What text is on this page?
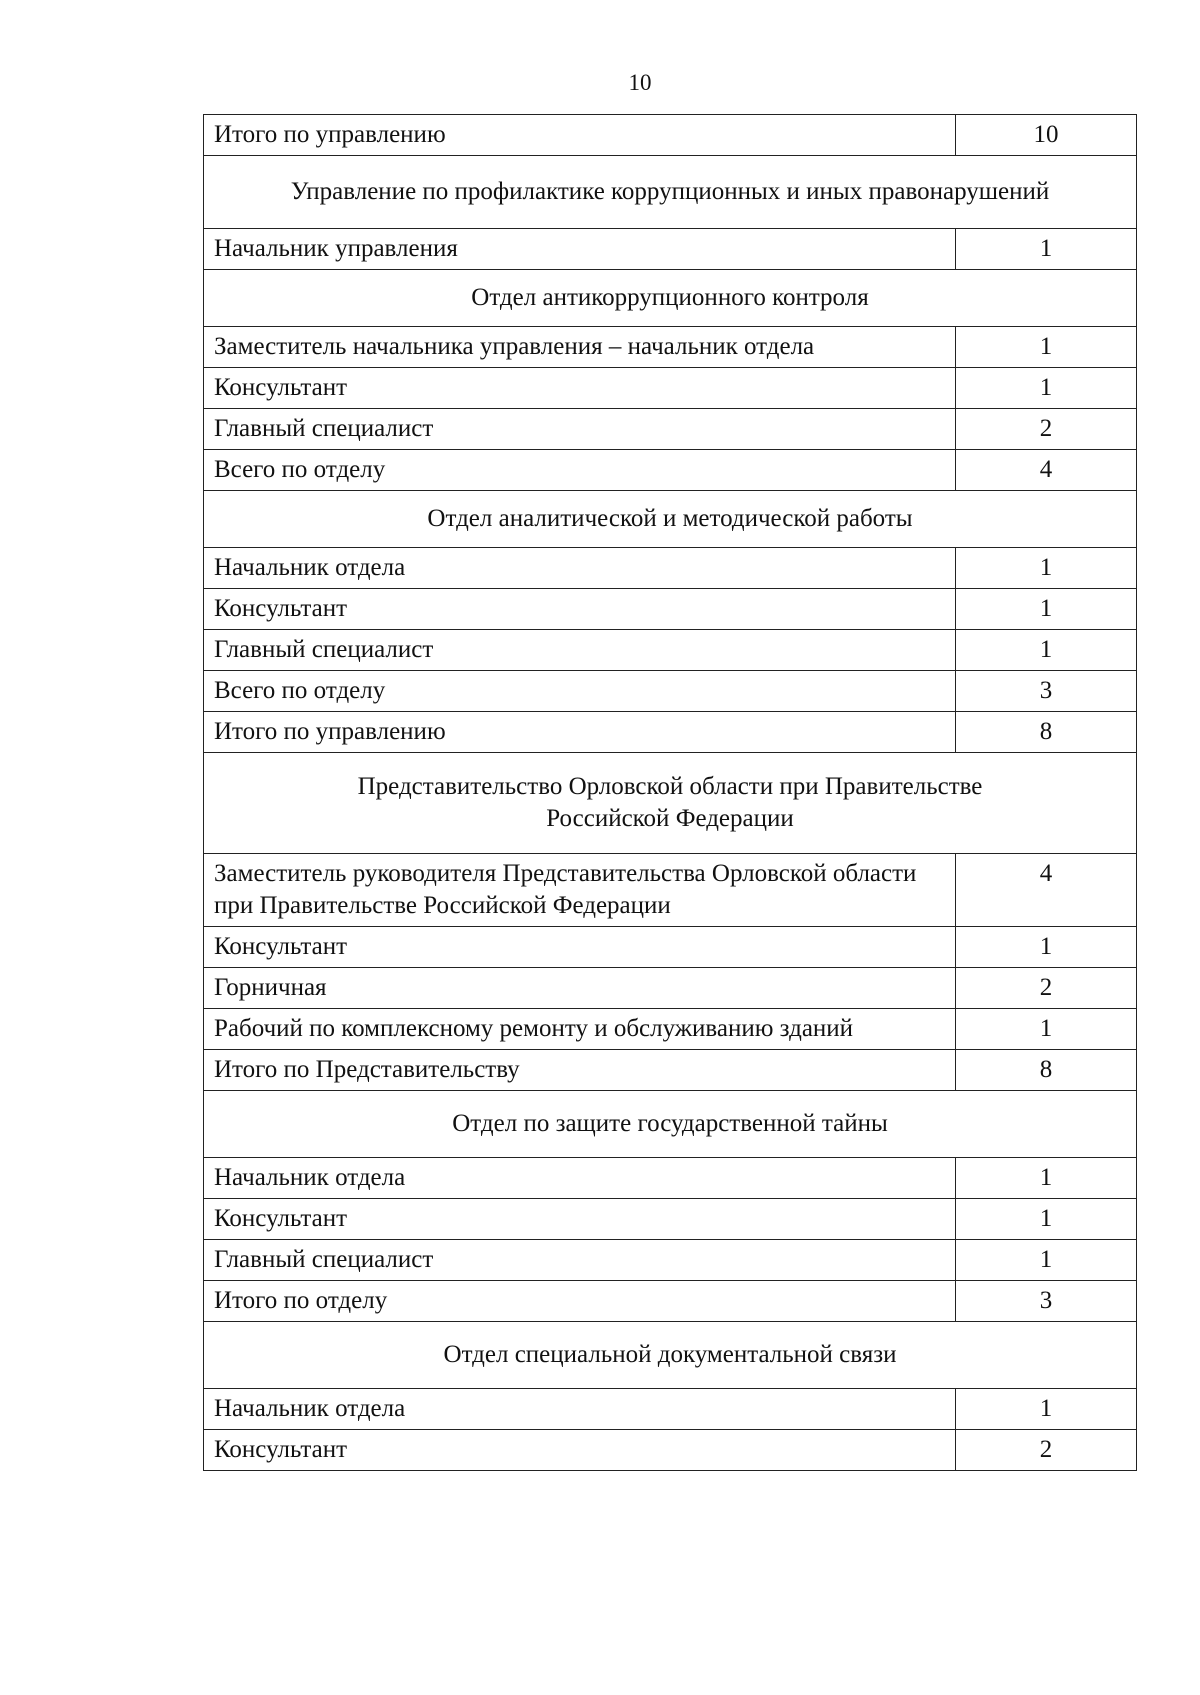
10
Итого по управлению	10
Управление по профилактике коррупционных и иных правонарушений	
Начальник управления	1
Отдел антикоррупционного контроля	
Заместитель начальника управления – начальник отдела	1
Консультант	1
Главный специалист	2
Всего по отделу	4
Отдел аналитической и методической работы	
Начальник отдела	1
Консультант	1
Главный специалист	1
Всего по отделу	3
Итого по управлению	8
Представительство Орловской области при Правительстве Российской Федерации	
Заместитель руководителя Представительства Орловской области при Правительстве Российской Федерации	4
Консультант	1
Горничная	2
Рабочий по комплексному ремонту и обслуживанию зданий	1
Итого по Представительству	8
Отдел по защите государственной тайны	
Начальник отдела	1
Консультант	1
Главный специалист	1
Итого по отделу	3
Отдел специальной документальной связи	
Начальник отдела	1
Консультант	2
